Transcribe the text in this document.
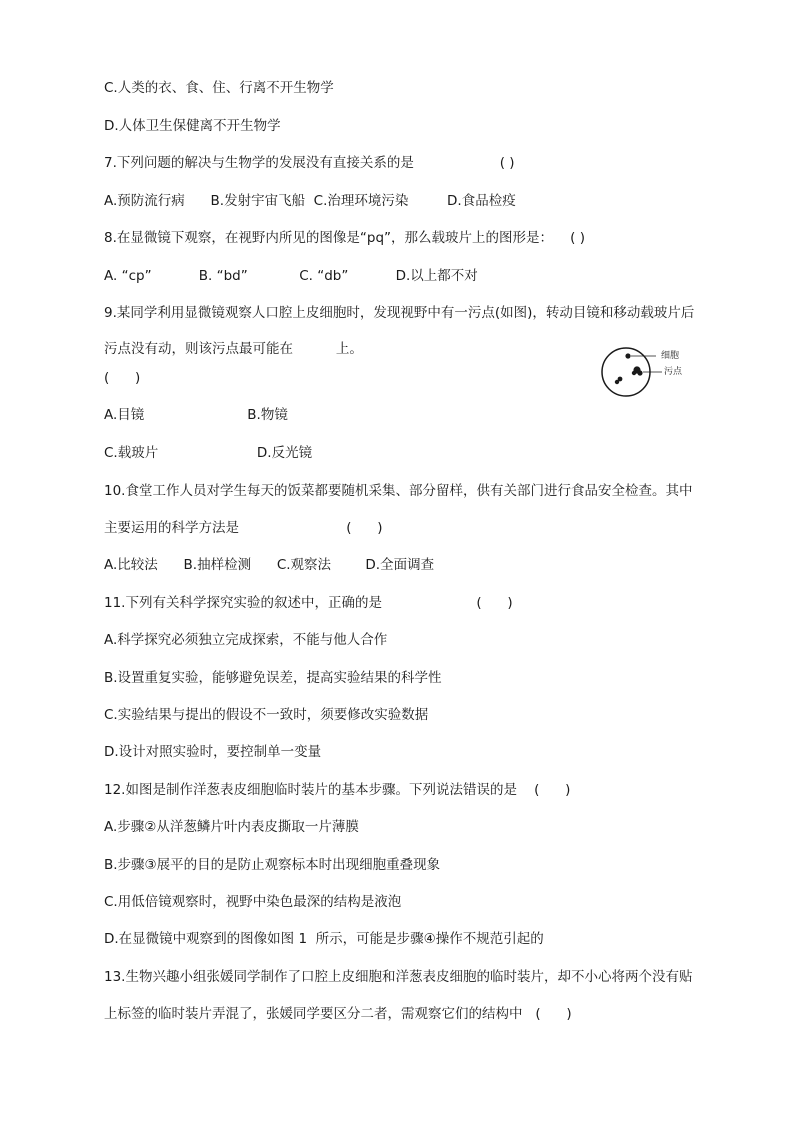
C.人类的衣、食、住、行离不开生物学
D.人体卫生保健离不开生物学
7.下列问题的解决与生物学的发展没有直接关系的是                    ( )
A.预防流行病      B.发射宇宙飞船  C.治理环境污染         D.食品检疫
8.在显微镜下观察，在视野内所见的图像是“pq”，那么载玻片上的图形是：    ( )
A. “cp”           B. “bd”            C. “db”           D.以上都不对
9.某同学利用显微镜观察人口腔上皮细胞时，发现视野中有一污点(如图)，转动目镜和移动载玻片后
污点没有动，则该污点最可能在          上。
(      )
A.目镜                        B.物镜
C.载玻片                       D.反光镜
10.食堂工作人员对学生每天的饭菜都要随机采集、部分留样，供有关部门进行食品安全检查。其中
主要运用的科学方法是                         (      )
A.比较法      B.抽样检测      C.观察法        D.全面调查
11.下列有关科学探究实验的叙述中，正确的是                      (      )
A.科学探究必须独立完成探索，不能与他人合作
B.设置重复实验，能够避免误差，提高实验结果的科学性
C.实验结果与提出的假设不一致时，须要修改实验数据
D.设计对照实验时，要控制单一变量
12.如图是制作洋葱表皮细胞临时装片的基本步骤。下列说法错误的是    (      )
A.步骤②从洋葱鳞片叶内表皮撕取一片薄膜
B.步骤③展平的目的是防止观察标本时出现细胞重叠现象
C.用低倍镜观察时，视野中染色最深的结构是液泡
D.在显微镜中观察到的图像如图 1  所示，可能是步骤④操作不规范引起的
13.生物兴趣小组张媛同学制作了口腔上皮细胞和洋葱表皮细胞的临时装片，却不小心将两个没有贴
上标签的临时装片弄混了，张媛同学要区分二者，需观察它们的结构中   (      )
细胞
污点
